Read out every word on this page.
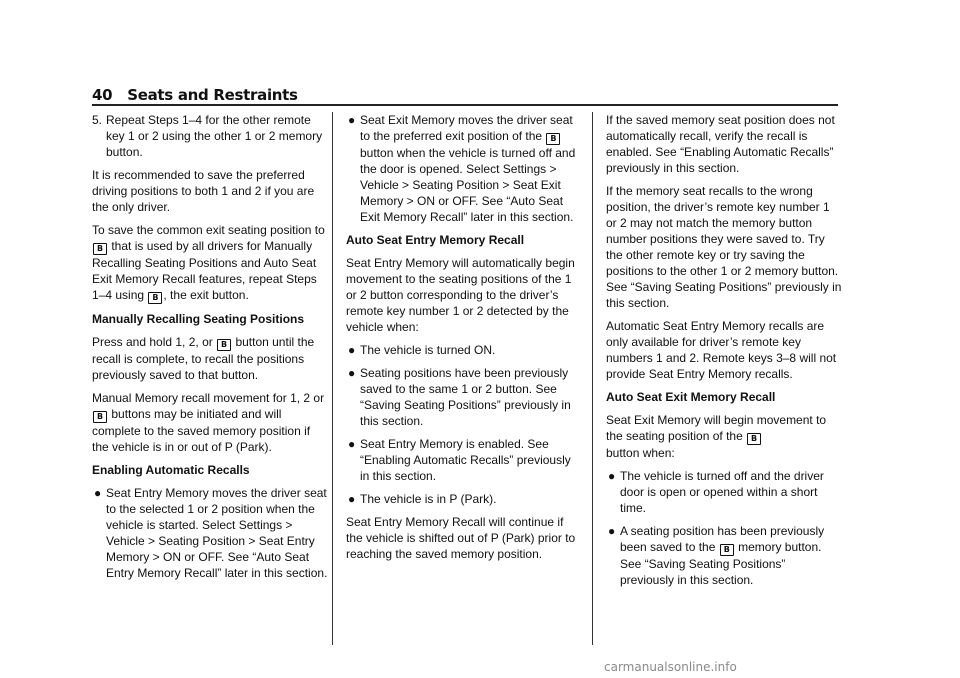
40 Seats and Restraints
5. Repeat Steps 1–4 for the other remote key 1 or 2 using the other 1 or 2 memory button.

It is recommended to save the preferred driving positions to both 1 and 2 if you are the only driver.

To save the common exit seating position to
B that is used by all drivers for Manually Recalling Seating Positions and Auto Seat Exit Memory Recall features, repeat Steps 1–4 using B , the exit button.

Manually Recalling Seating Positions

Press and hold 1, 2, or B button until the recall is complete, to recall the positions previously saved to that button.

Manual Memory recall movement for 1, 2 or
B buttons may be initiated and will complete to the saved memory position if the vehicle is in or out of P (Park).

Enabling Automatic Recalls

● Seat Entry Memory moves the driver seat to the selected 1 or 2 position when the vehicle is started. Select Settings > Vehicle > Seating Position > Seat Entry Memory > ON or OFF. See “Auto Seat Entry Memory Recall” later in this section.
● Seat Exit Memory moves the driver seat to the preferred exit position of the B button when the vehicle is turned off and the door is opened. Select Settings > Vehicle > Seating Position > Seat Exit Memory > ON or OFF. See “Auto Seat Exit Memory Recall” later in this section.

Auto Seat Entry Memory Recall

Seat Entry Memory will automatically begin movement to the seating positions of the 1 or 2 button corresponding to the driver’s remote key number 1 or 2 detected by the vehicle when:

● The vehicle is turned ON.
● Seating positions have been previously saved to the same 1 or 2 button. See “Saving Seating Positions” previously in this section.
● Seat Entry Memory is enabled. See “Enabling Automatic Recalls” previously in this section.
● The vehicle is in P (Park).

Seat Entry Memory Recall will continue if the vehicle is shifted out of P (Park) prior to reaching the saved memory position.

If the saved memory seat position does not automatically recall, verify the recall is enabled. See “Enabling Automatic Recalls” previously in this section.

If the memory seat recalls to the wrong position, the driver’s remote key number 1 or 2 may not match the memory button number positions they were saved to. Try the other remote key or try saving the positions to the other 1 or 2 memory button. See “Saving Seating Positions” previously in this section.

Automatic Seat Entry Memory recalls are only available for driver’s remote key numbers 1 and 2. Remote keys 3–8 will not provide Seat Entry Memory recalls.

Auto Seat Exit Memory Recall

Seat Exit Memory will begin movement to the seating position of the B
button when:

● The vehicle is turned off and the driver door is open or opened within a short time.
● A seating position has been previously been saved to the B memory button. See “Saving Seating Positions” previously in this section.
carmanualsonline.info
